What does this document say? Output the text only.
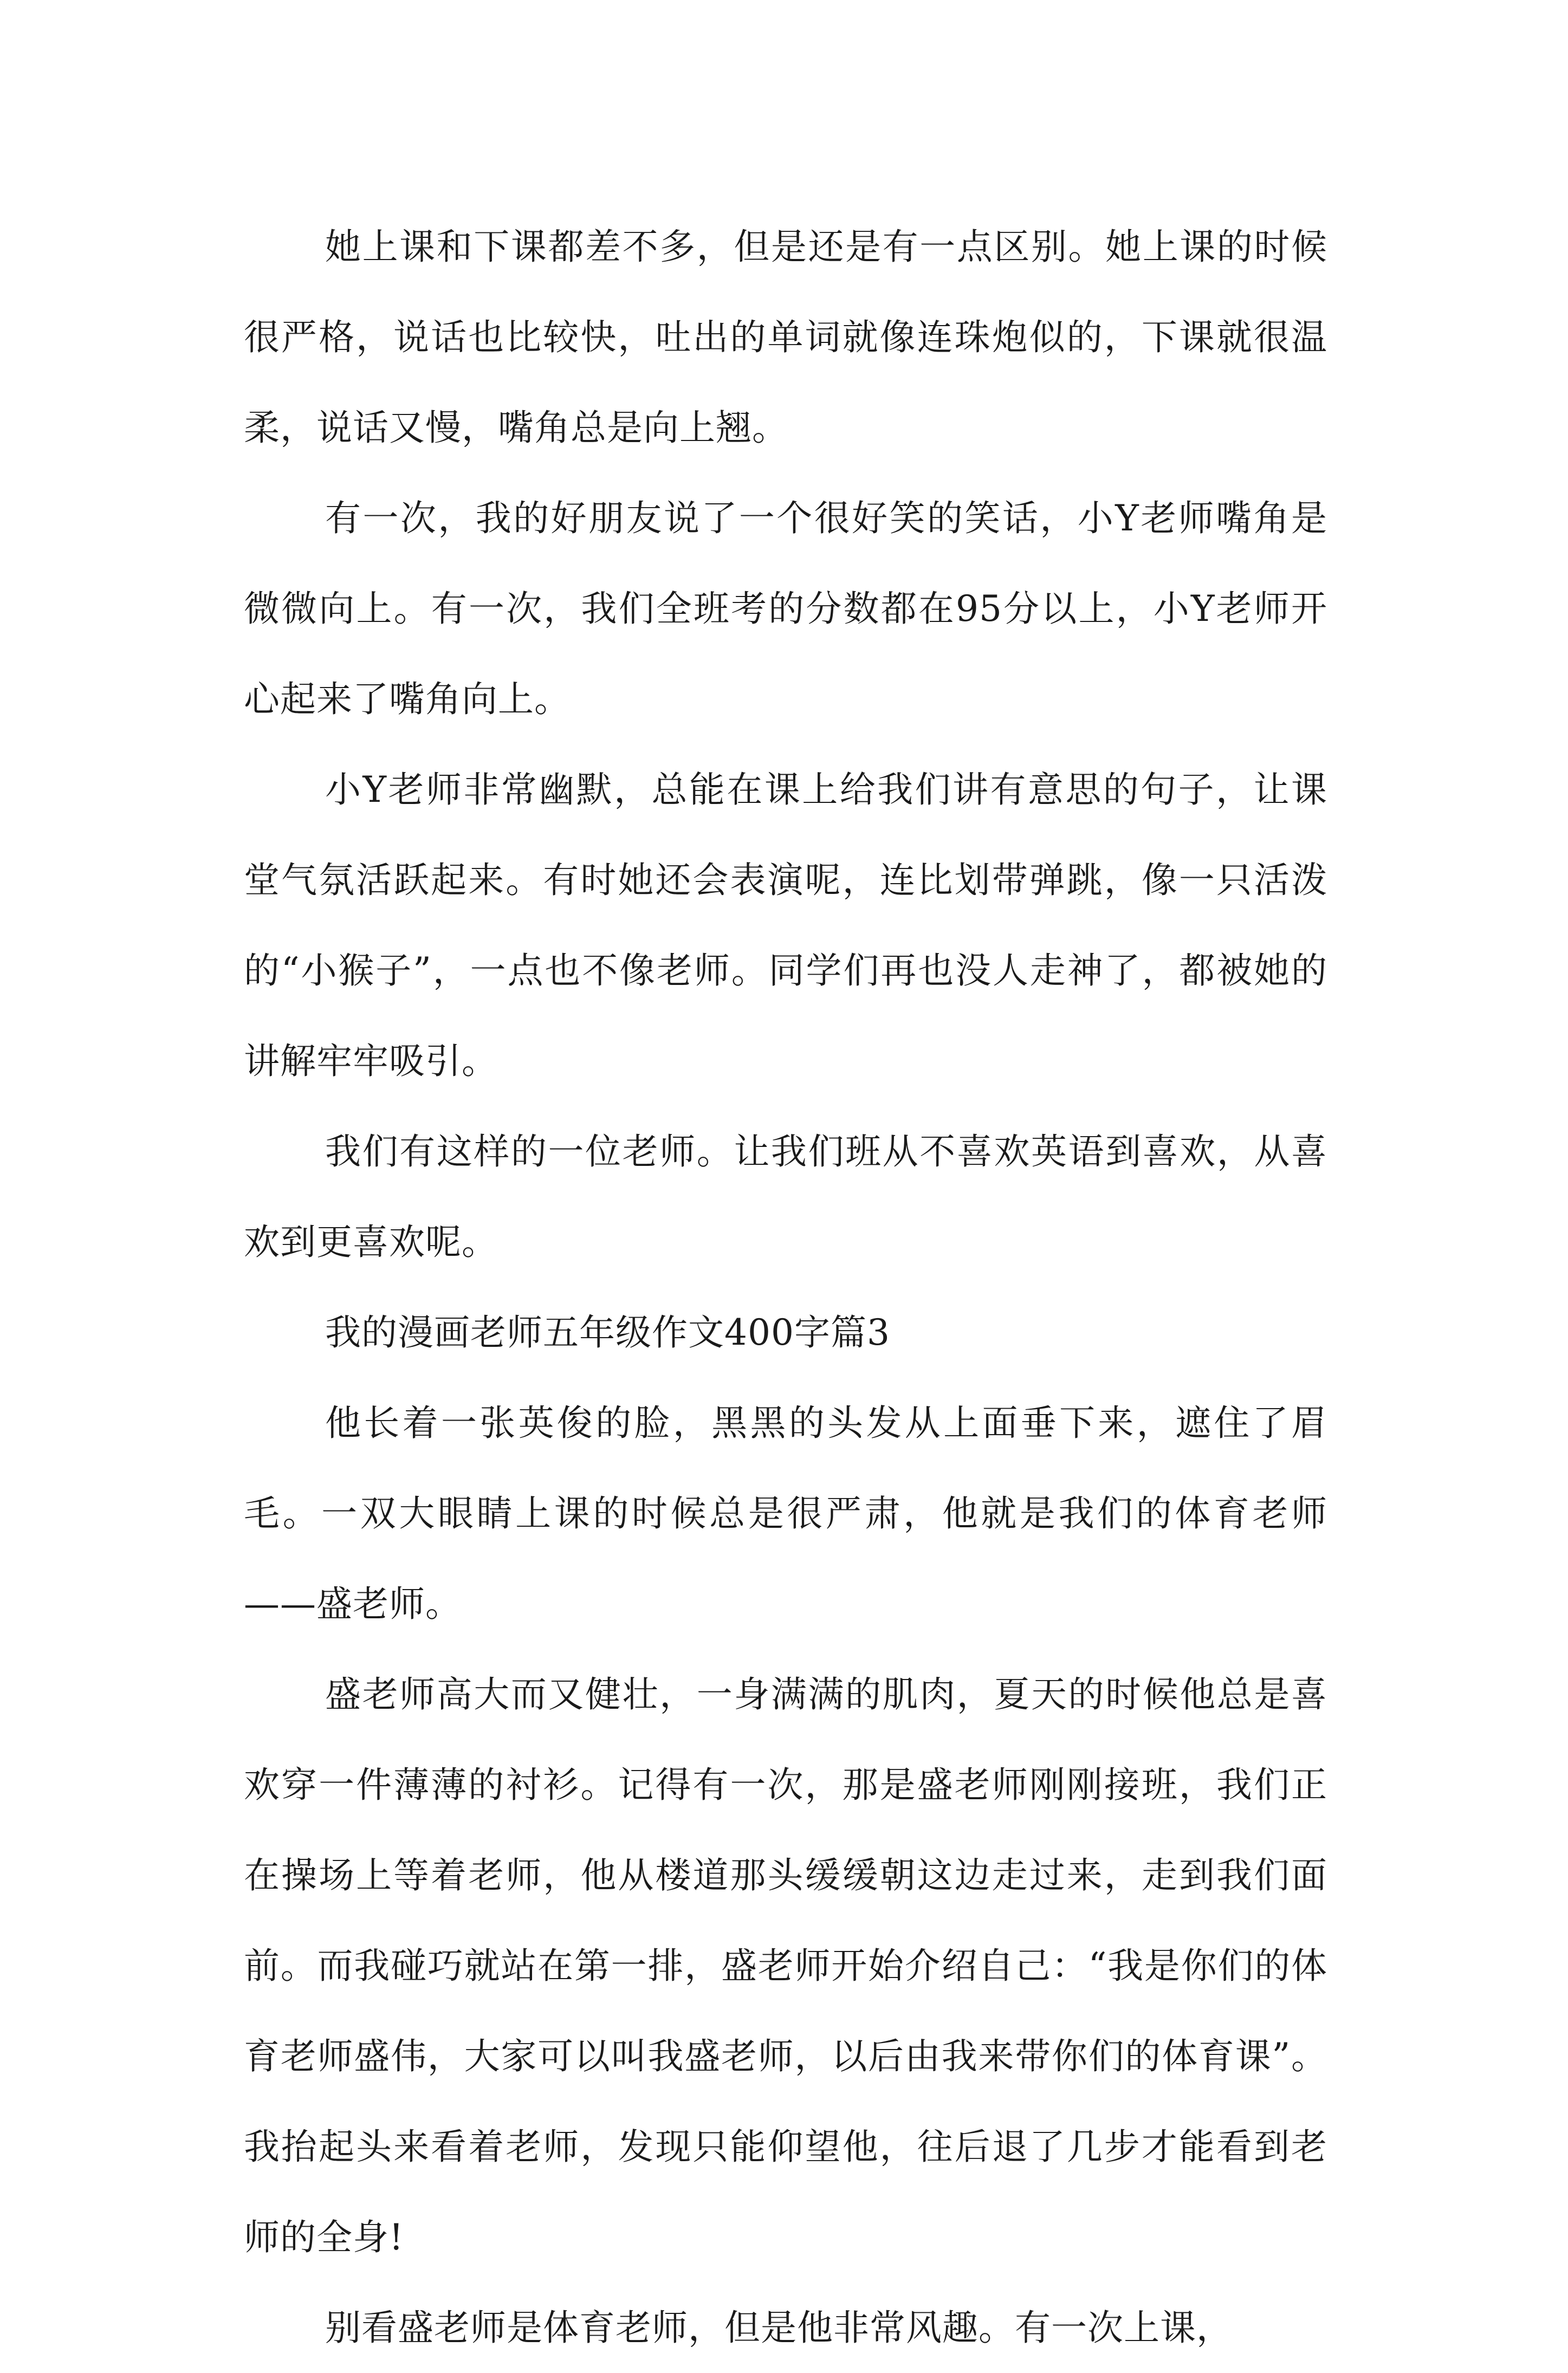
她上课和下课都差不多，但是还是有一点区别。她上课的时候很严格，说话也比较快，吐出的单词就像连珠炮似的，下课就很温柔，说话又慢，嘴角总是向上翘。

有一次，我的好朋友说了一个很好笑的笑话，小Y老师嘴角是微微向上。有一次，我们全班考的分数都在95分以上，小Y老师开心起来了嘴角向上。

小Y老师非常幽默，总能在课上给我们讲有意思的句子，让课堂气氛活跃起来。有时她还会表演呢，连比划带弹跳，像一只活泼的“小猴子”，一点也不像老师。同学们再也没人走神了，都被她的讲解牢牢吸引。

我们有这样的一位老师。让我们班从不喜欢英语到喜欢，从喜欢到更喜欢呢。

我的漫画老师五年级作文400字篇3

他长着一张英俊的脸，黑黑的头发从上面垂下来，遮住了眉毛。一双大眼睛上课的时候总是很严肃，他就是我们的体育老师——盛老师。

盛老师高大而又健壮，一身满满的肌肉，夏天的时候他总是喜欢穿一件薄薄的衬衫。记得有一次，那是盛老师刚刚接班，我们正在操场上等着老师，他从楼道那头缓缓朝这边走过来，走到我们面前。而我碰巧就站在第一排，盛老师开始介绍自己：“我是你们的体育老师盛伟，大家可以叫我盛老师，以后由我来带你们的体育课”。我抬起头来看着老师，发现只能仰望他，往后退了几步才能看到老师的全身!

别看盛老师是体育老师，但是他非常风趣。有一次上课，
